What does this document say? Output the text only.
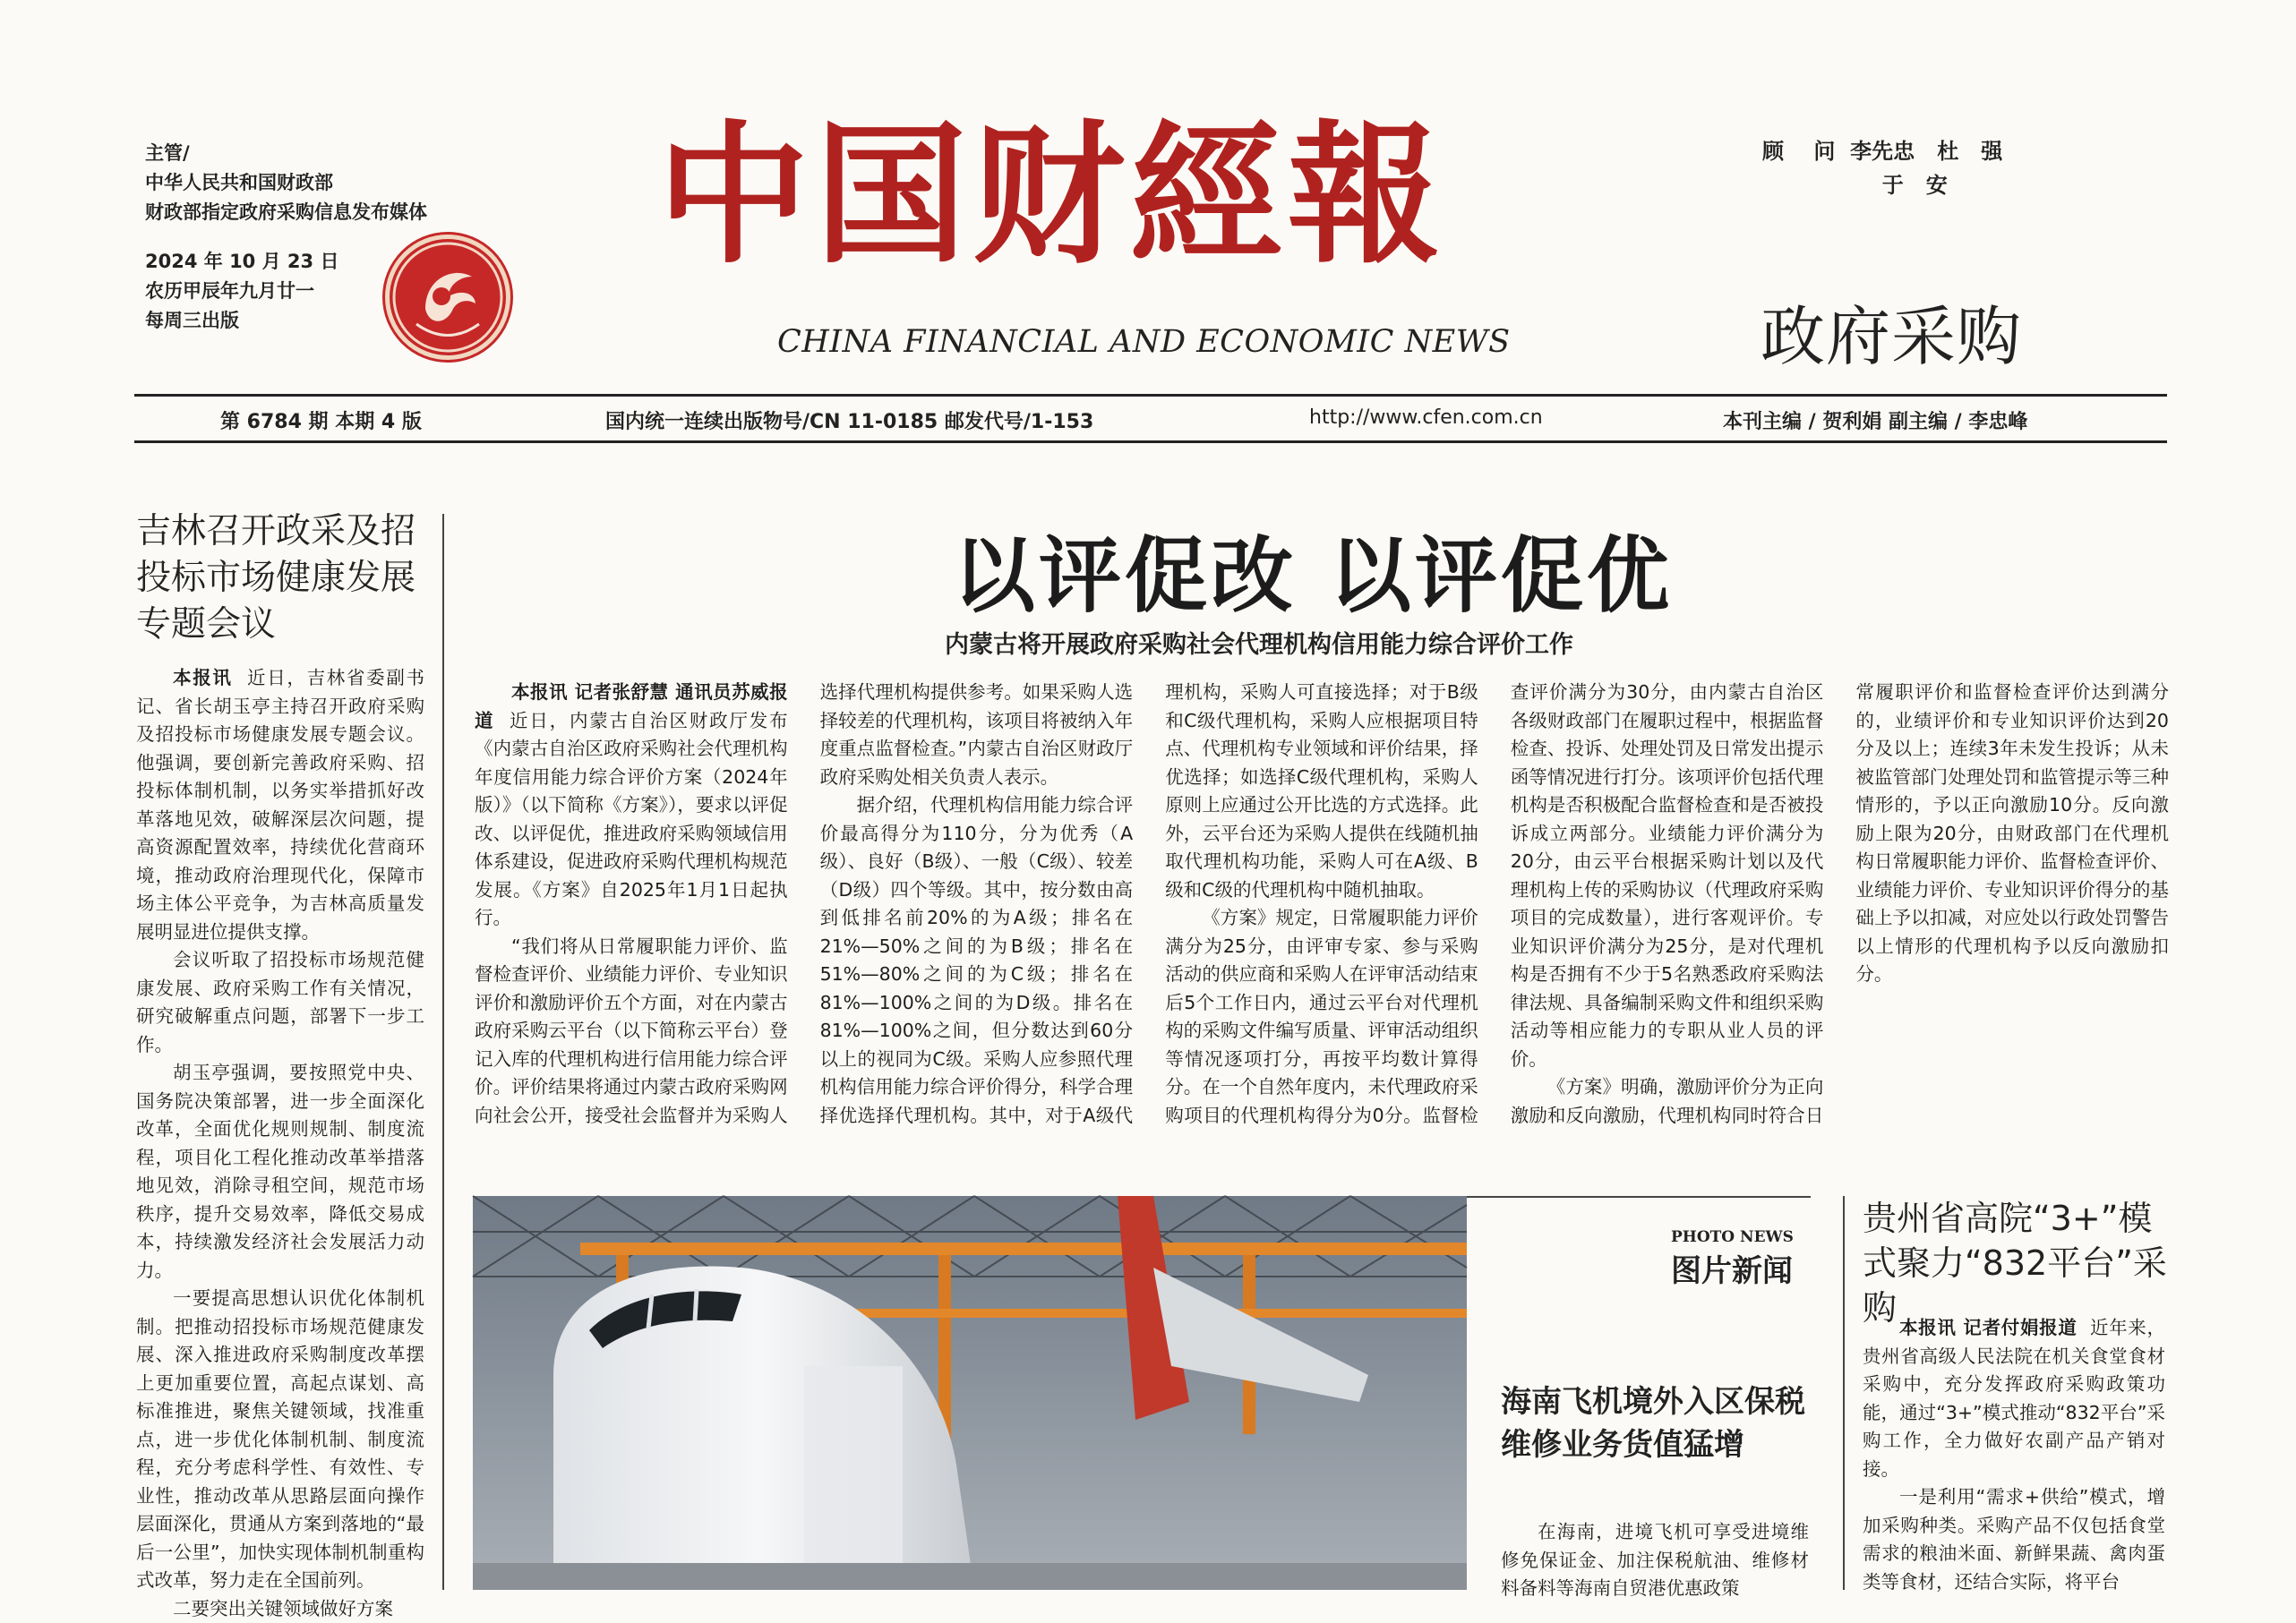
主管/
中华人民共和国财政部
财政部指定政府采购信息发布媒体
2024 年 10 月 23 日
农历甲辰年九月廿一
每周三出版
中国财經報
CHINA FINANCIAL AND ECONOMIC NEWS
顾    问  李先忠   杜   强
于   安
政府采购
第 6784 期 本期 4 版	国内统一连续出版物号/CN 11-0185 邮发代号/1-153	http://www.cfen.com.cn	本刊主编 / 贺利娟 副主编 / 李忠峰
吉林召开政采及招投标市场健康发展专题会议

本报讯 近日，吉林省委副书记、省长胡玉亭主持召开政府采购及招投标市场健康发展专题会议。他强调，要创新完善政府采购、招投标体制机制，以务实举措抓好改革落地见效，破解深层次问题，提高资源配置效率，持续优化营商环境，推动政府治理现代化，保障市场主体公平竞争，为吉林高质量发展明显进位提供支撑。

会议听取了招投标市场规范健康发展、政府采购工作有关情况，研究破解重点问题，部署下一步工作。

胡玉亭强调，要按照党中央、国务院决策部署，进一步全面深化改革，全面优化规则规制、制度流程，项目化工程化推动改革举措落地见效，消除寻租空间，规范市场秩序，提升交易效率，降低交易成本，持续激发经济社会发展活力动力。

一要提高思想认识优化体制机制。把推动招投标市场规范健康发展、深入推进政府采购制度改革摆上更加重要位置，高起点谋划、高标准推进，聚焦关键领域，找准重点，进一步优化体制机制、制度流程，充分考虑科学性、有效性、专业性，推动改革从思路层面向操作层面深化，贯通从方案到落地的“最后一公里”，加快实现体制机制重构式改革，努力走在全国前列。

二要突出关键领域做好方案

以评促改 以评促优
内蒙古将开展政府采购社会代理机构信用能力综合评价工作

本报讯 记者张舒慧 通讯员苏威报道 近日，内蒙古自治区财政厅发布《内蒙古自治区政府采购社会代理机构年度信用能力综合评价方案（2024年版）》（以下简称《方案》），要求以评促改、以评促优，推进政府采购领域信用体系建设，促进政府采购代理机构规范发展。《方案》自2025年1月1日起执行。

“我们将从日常履职能力评价、监督检查评价、业绩能力评价、专业知识评价和激励评价五个方面，对在内蒙古政府采购云平台（以下简称云平台）登记入库的代理机构进行信用能力综合评价。评价结果将通过内蒙古政府采购网向社会公开，接受社会监督并为采购人选择代理机构提供参考。如果采购人选择较差的代理机构，该项目将被纳入年度重点监督检查。”内蒙古自治区财政厅政府采购处相关负责人表示。

据介绍，代理机构信用能力综合评价最高得分为110分，分为优秀（A级）、良好（B级）、一般（C级）、较差（D级）四个等级。其中，按分数由高到低排名前20%的为A级；排名在21%—50%之间的为B级；排名在51%—80%之间的为C级；排名在81%—100%之间的为D级。排名在81%—100%之间，但分数达到60分以上的视同为C级。采购人应参照代理机构信用能力综合评价得分，科学合理择优选择代理机构。其中，对于A级代理机构，采购人可直接选择；对于B级和C级代理机构，采购人应根据项目特点、代理机构专业领域和评价结果，择优选择；如选择C级代理机构，采购人原则上应通过公开比选的方式选择。此外，云平台还为采购人提供在线随机抽取代理机构功能，采购人可在A级、B级和C级的代理机构中随机抽取。

《方案》规定，日常履职能力评价满分为25分，由评审专家、参与采购活动的供应商和采购人在评审活动结束后5个工作日内，通过云平台对代理机构的采购文件编写质量、评审活动组织等情况逐项打分，再按平均数计算得分。在一个自然年度内，未代理政府采购项目的代理机构得分为0分。监督检查评价满分为30分，由内蒙古自治区各级财政部门在履职过程中，根据监督检查、投诉、处理处罚及日常发出提示函等情况进行打分。该项评价包括代理机构是否积极配合监督检查和是否被投诉成立两部分。业绩能力评价满分为20分，由云平台根据采购计划以及代理机构上传的采购协议（代理政府采购项目的完成数量），进行客观评价。专业知识评价满分为25分，是对代理机构是否拥有不少于5名熟悉政府采购法律法规、具备编制采购文件和组织采购活动等相应能力的专职从业人员的评价。

《方案》明确，激励评价分为正向激励和反向激励，代理机构同时符合日常履职评价和监督检查评价达到满分的，业绩评价和专业知识评价达到20分及以上；连续3年未发生投诉；从未被监管部门处理处罚和监管提示等三种情形的，予以正向激励10分。反向激励上限为20分，由财政部门在代理机构日常履职能力评价、监督检查评价、业绩能力评价、专业知识评价得分的基础上予以扣减，对应处以行政处罚警告以上情形的代理机构予以反向激励扣分。

PHOTO NEWS
图片新闻
海南飞机境外入区保税维修业务货值猛增

在海南，进境飞机可享受进境维修免保证金、加注保税航油、维修材料备料等海南自贸港优惠政策

贵州省高院“3+”模式聚力“832平台”采购 本报讯 记者付娟报道 近年来，贵州省高级人民法院在机关食堂食材采购中，充分发挥政府采购政策功能，通过“3+”模式推动“832平台”采购工作，全力做好农副产品产销对接。

一是利用“需求+供给”模式，增加采购种类。采购产品不仅包括食堂需求的粮油米面、新鲜果蔬、禽肉蛋类等食材，还结合实际，将平台
